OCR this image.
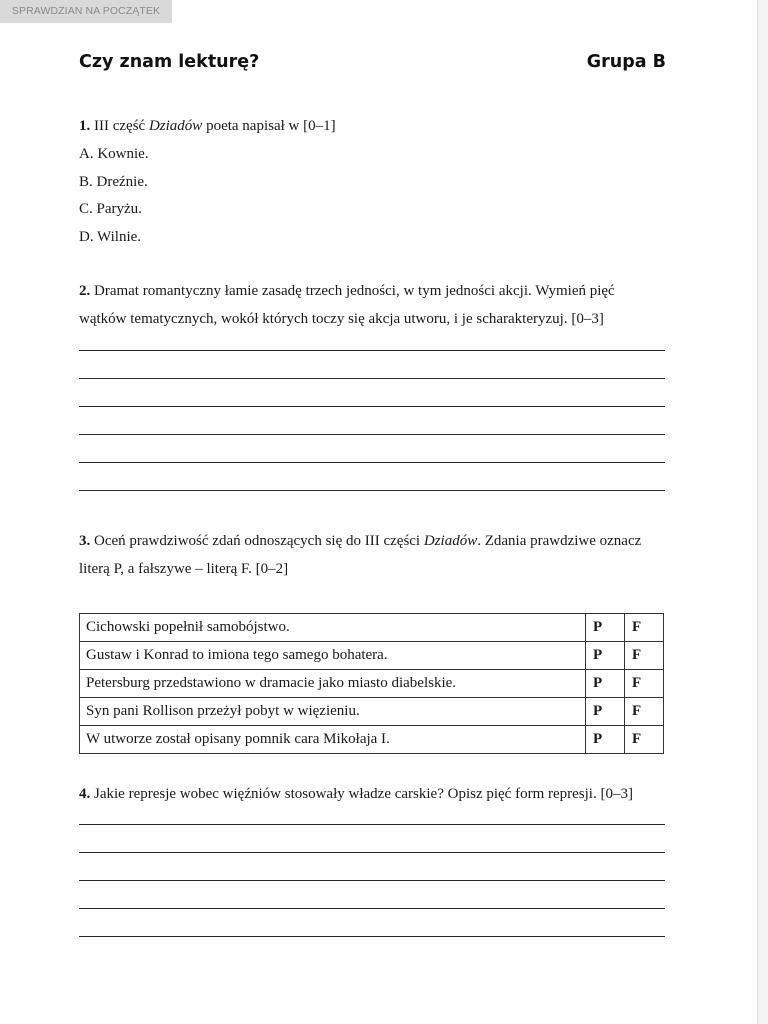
SPRAWDZIAN NA POCZĄTEK
Czy znam lekturę?	Grupa B

1. III część Dziadów poeta napisał w [0–1]

A. Kownie.
B. Dreźnie.
C. Paryżu.
D. Wilnie.

2. Dramat romantyczny łamie zasadę trzech jedności, w tym jedności akcji. Wymień pięć
wątków tematycznych, wokół których toczy się akcja utworu, i je scharakteryzuj. [0–3]

3. Oceń prawdziwość zdań odnoszących się do III części Dziadów. Zdania prawdziwe oznacz
literą P, a fałszywe – literą F. [0–2]

Cichowski popełnił samobójstwo.	P	F
Gustaw i Konrad to imiona tego samego bohatera.	P	F
Petersburg przedstawiono w dramacie jako miasto diabelskie.	P	F
Syn pani Rollison przeżył pobyt w więzieniu.	P	F
W utworze został opisany pomnik cara Mikołaja I.	P	F

4. Jakie represje wobec więźniów stosowały władze carskie? Opisz pięć form represji. [0–3]
